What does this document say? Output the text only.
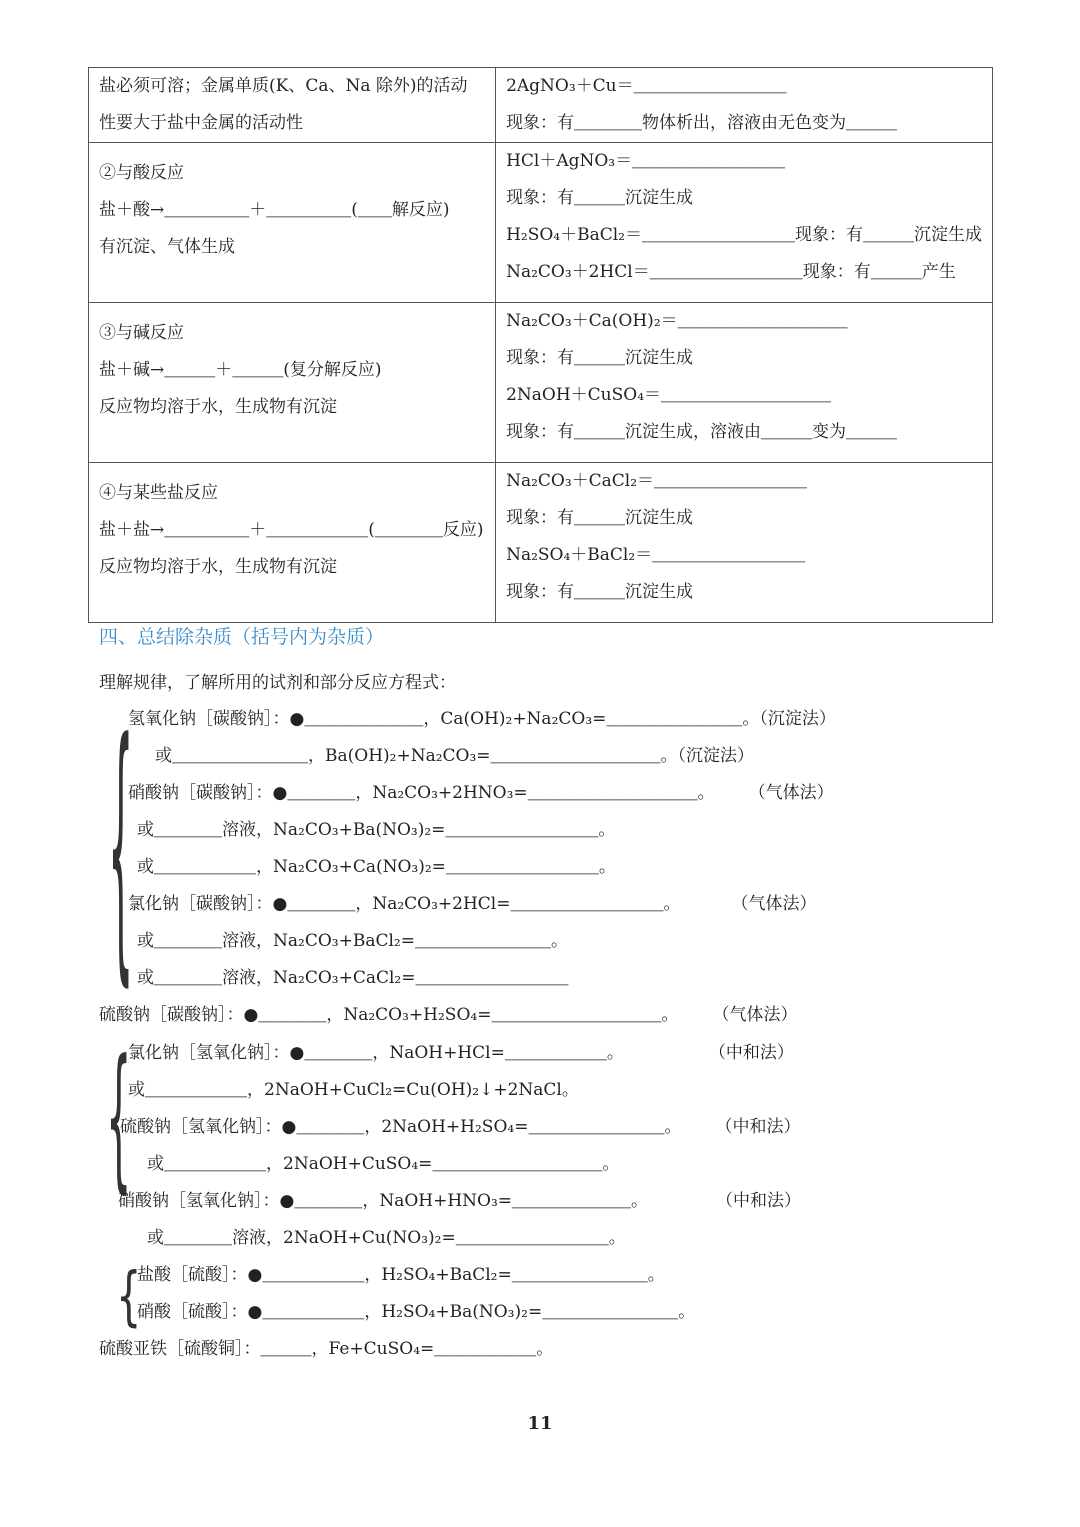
盐必须可溶；金属单质(K、Ca、Na 除外)的活动
性要大于盐中金属的活动性	2AgNO₃＋Cu＝＿＿＿＿＿＿＿＿＿
现象：有＿＿＿＿物体析出，溶液由无色变为＿＿＿

②与酸反应
盐＋酸→＿＿＿＿＿＋＿＿＿＿＿(＿＿解反应)
有沉淀、气体生成	HCl＋AgNO₃＝＿＿＿＿＿＿＿＿＿
现象：有＿＿＿沉淀生成
H₂SO₄＋BaCl₂＝＿＿＿＿＿＿＿＿＿现象：有＿＿＿沉淀生成
Na₂CO₃＋2HCl＝＿＿＿＿＿＿＿＿＿现象：有＿＿＿产生

③与碱反应
盐＋碱→＿＿＿＋＿＿＿(复分解反应)
反应物均溶于水，生成物有沉淀	Na₂CO₃＋Ca(OH)₂＝＿＿＿＿＿＿＿＿＿＿
现象：有＿＿＿沉淀生成
2NaOH＋CuSO₄＝＿＿＿＿＿＿＿＿＿＿
现象：有＿＿＿沉淀生成，溶液由＿＿＿变为＿＿＿

④与某些盐反应
盐＋盐→＿＿＿＿＿＋＿＿＿＿＿＿(＿＿＿＿反应)
反应物均溶于水，生成物有沉淀	Na₂CO₃＋CaCl₂＝＿＿＿＿＿＿＿＿＿
现象：有＿＿＿沉淀生成
Na₂SO₄＋BaCl₂＝＿＿＿＿＿＿＿＿＿
现象：有＿＿＿沉淀生成
四、总结除杂质（括号内为杂质）
理解规律，了解所用的试剂和部分反应方程式：
{
{
{
氢氧化钠［碳酸钠］：●＿＿＿＿＿＿＿，Ca(OH)₂+Na₂CO₃=＿＿＿＿＿＿＿＿。（沉淀法）
或＿＿＿＿＿＿＿＿，Ba(OH)₂+Na₂CO₃=＿＿＿＿＿＿＿＿＿＿。（沉淀法）
硝酸钠［碳酸钠］：●＿＿＿＿，Na₂CO₃+2HNO₃=＿＿＿＿＿＿＿＿＿＿。　　　（气体法）
或＿＿＿＿溶液，Na₂CO₃+Ba(NO₃)₂=＿＿＿＿＿＿＿＿＿。
或＿＿＿＿＿＿，Na₂CO₃+Ca(NO₃)₂=＿＿＿＿＿＿＿＿＿。
氯化钠［碳酸钠］：●＿＿＿＿，Na₂CO₃+2HCl=＿＿＿＿＿＿＿＿＿。　　　　（气体法）
或＿＿＿＿溶液，Na₂CO₃+BaCl₂=＿＿＿＿＿＿＿＿。
或＿＿＿＿溶液，Na₂CO₃+CaCl₂=＿＿＿＿＿＿＿＿＿
硫酸钠［碳酸钠］：●＿＿＿＿，Na₂CO₃+H₂SO₄=＿＿＿＿＿＿＿＿＿＿。　　　（气体法）
氯化钠［氢氧化钠］：●＿＿＿＿，NaOH+HCl=＿＿＿＿＿＿。　　　　　　（中和法）
或＿＿＿＿＿＿，2NaOH+CuCl₂=Cu(OH)₂↓+2NaCl。
硫酸钠［氢氧化钠］：●＿＿＿＿，2NaOH+H₂SO₄=＿＿＿＿＿＿＿＿。　　　（中和法）
或＿＿＿＿＿＿，2NaOH+CuSO₄=＿＿＿＿＿＿＿＿＿＿。
硝酸钠［氢氧化钠］：●＿＿＿＿，NaOH+HNO₃=＿＿＿＿＿＿＿。　　　　　（中和法）
或＿＿＿＿溶液，2NaOH+Cu(NO₃)₂=＿＿＿＿＿＿＿＿＿。
盐酸［硫酸］：●＿＿＿＿＿＿，H₂SO₄+BaCl₂=＿＿＿＿＿＿＿＿。
硝酸［硫酸］：●＿＿＿＿＿＿，H₂SO₄+Ba(NO₃)₂=＿＿＿＿＿＿＿＿。
硫酸亚铁［硫酸铜］：＿＿＿，Fe+CuSO₄=＿＿＿＿＿＿。
11
